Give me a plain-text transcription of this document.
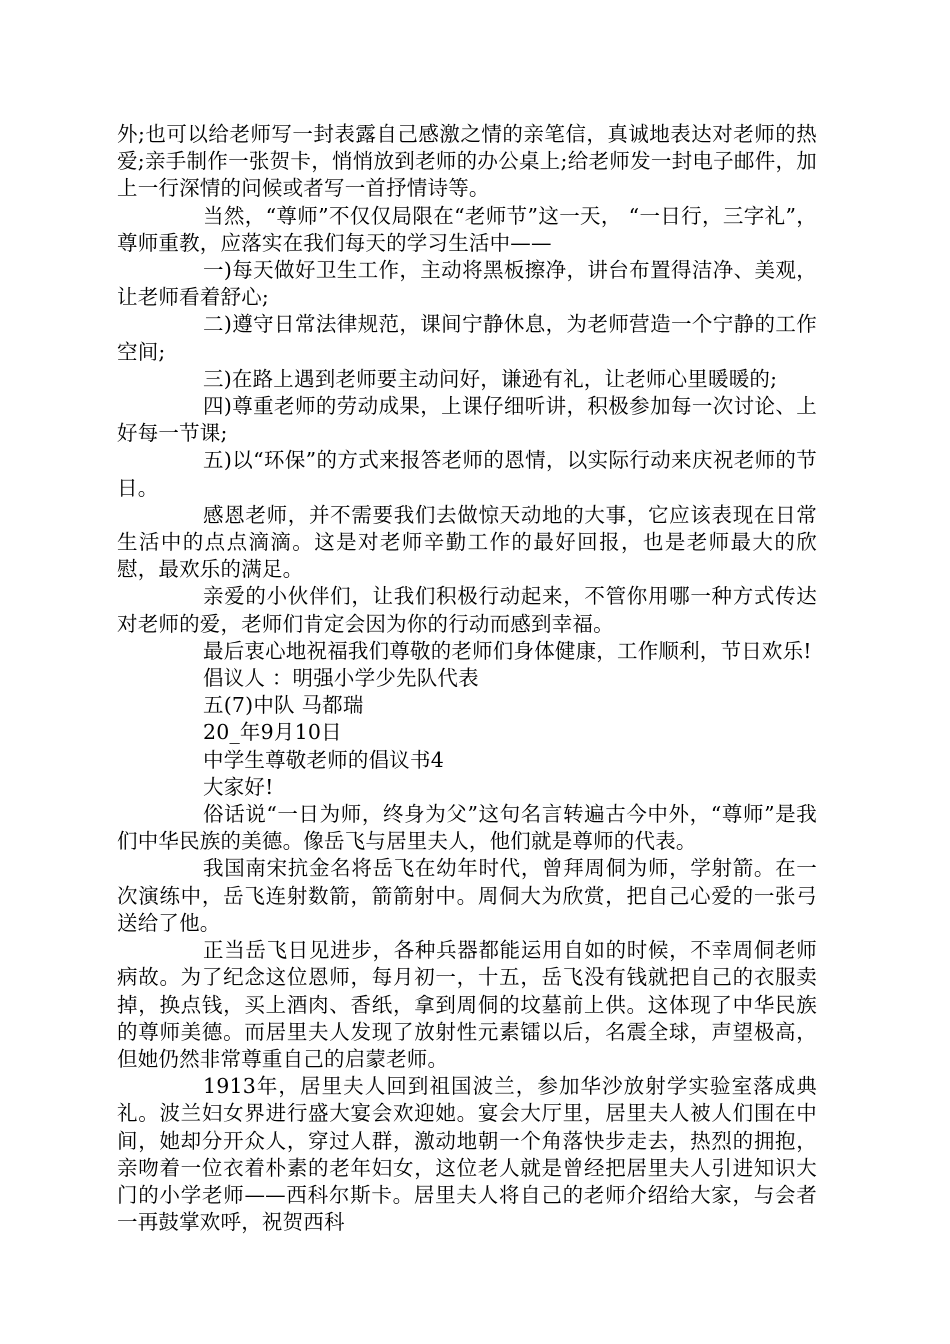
外;也可以给老师写一封表露自己感激之情的亲笔信，真诚地表达对老师的热爱;亲手制作一张贺卡，悄悄放到老师的办公桌上;给老师发一封电子邮件，加上一行深情的问候或者写一首抒情诗等。

当然，“尊师”不仅仅局限在“老师节”这一天， “一日行，三字礼”，尊师重教，应落实在我们每天的学习生活中——

一)每天做好卫生工作，主动将黑板擦净，讲台布置得洁净、美观，让老师看着舒心;

二)遵守日常法律规范，课间宁静休息，为老师营造一个宁静的工作空间;

三)在路上遇到老师要主动问好，谦逊有礼，让老师心里暖暖的;

四)尊重老师的劳动成果，上课仔细听讲，积极参加每一次讨论、上好每一节课;

五)以“环保”的方式来报答老师的恩情，以实际行动来庆祝老师的节日。

感恩老师，并不需要我们去做惊天动地的大事，它应该表现在日常生活中的点点滴滴。这是对老师辛勤工作的最好回报，也是老师最大的欣慰，最欢乐的满足。

亲爱的小伙伴们，让我们积极行动起来，不管你用哪一种方式传达对老师的爱，老师们肯定会因为你的行动而感到幸福。

最后衷心地祝福我们尊敬的老师们身体健康，工作顺利，节日欢乐!

倡议人 ：明强小学少先队代表

五(7)中队 马都瑞

20_年9月10日

中学生尊敬老师的倡议书4

大家好!

俗话说“一日为师，终身为父”这句名言转遍古今中外，“尊师”是我们中华民族的美德。像岳飞与居里夫人，他们就是尊师的代表。

我国南宋抗金名将岳飞在幼年时代，曾拜周侗为师，学射箭。在一次演练中，岳飞连射数箭，箭箭射中。周侗大为欣赏，把自己心爱的一张弓送给了他。

正当岳飞日见进步，各种兵器都能运用自如的时候，不幸周侗老师病故。为了纪念这位恩师，每月初一，十五，岳飞没有钱就把自己的衣服卖掉，换点钱，买上酒肉、香纸，拿到周侗的坟墓前上供。这体现了中华民族的尊师美德。而居里夫人发现了放射性元素镭以后，名震全球，声望极高，但她仍然非常尊重自己的启蒙老师。

1913年，居里夫人回到祖国波兰，参加华沙放射学实验室落成典礼。波兰妇女界进行盛大宴会欢迎她。宴会大厅里，居里夫人被人们围在中间，她却分开众人，穿过人群，激动地朝一个角落快步走去，热烈的拥抱，亲吻着一位衣着朴素的老年妇女，这位老人就是曾经把居里夫人引进知识大门的小学老师——西科尔斯卡。居里夫人将自己的老师介绍给大家，与会者一再鼓掌欢呼，祝贺西科
